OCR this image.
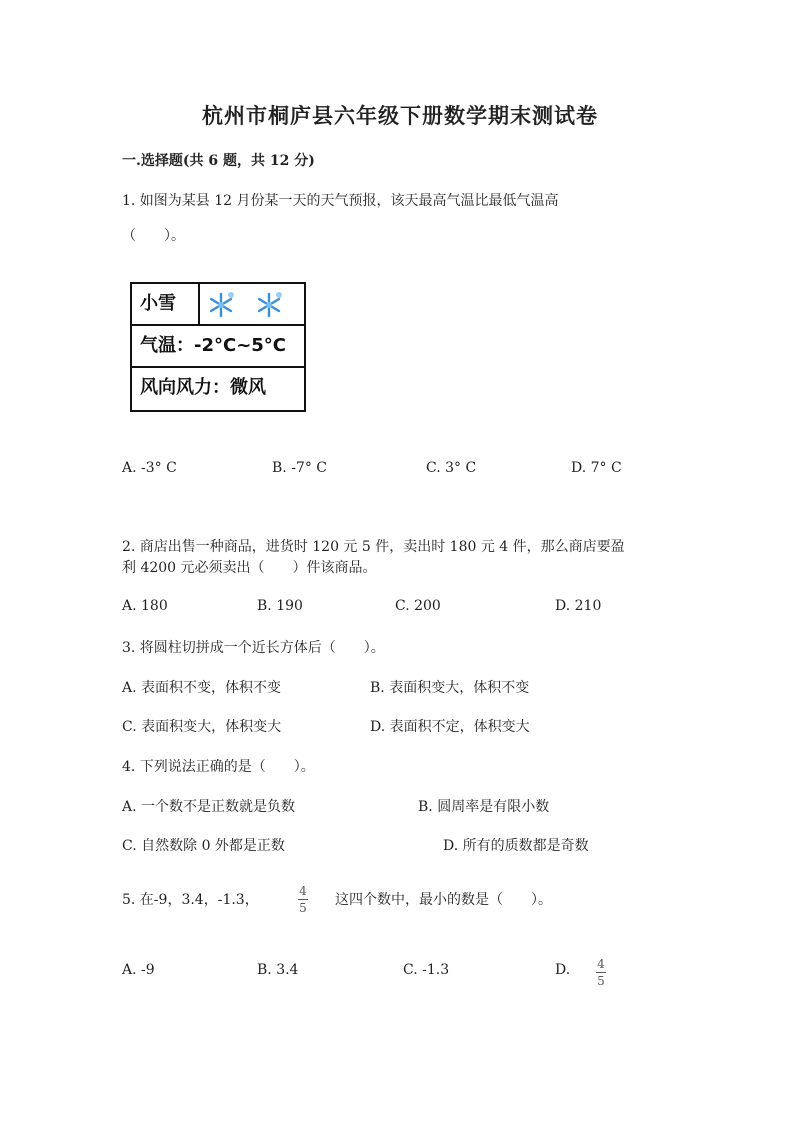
杭州市桐庐县六年级下册数学期末测试卷
一.选择题(共 6 题，共 12 分)
1. 如图为某县 12 月份某一天的天气预报，该天最高气温比最低气温高
（　　）。
小雪
气温：-2°C~5°C
风向风力：微风
A. -3° C	B. -7° C	C. 3° C	D. 7° C
2. 商店出售一种商品，进货时 120 元 5 件，卖出时 180 元 4 件，那么商店要盈
利 4200 元必须卖出（　　）件该商品。
A. 180	B. 190	C. 200	D. 210
3. 将圆柱切拼成一个近长方体后（　　）。
A. 表面积不变，体积不变	B. 表面积变大，体积不变
C. 表面积变大，体积变大	D. 表面积不定，体积变大
4. 下列说法正确的是（　　）。
A. 一个数不是正数就是负数	B. 圆周率是有限小数
C. 自然数除 0 外都是正数	D. 所有的质数都是奇数
5. 在-9，3.4，-1.3，	$\frac{4}{5}$ 这四个数中，最小的数是（　　）。
A. -9	B. 3.4	C. -1.3	D. $\frac{4}{5}$
